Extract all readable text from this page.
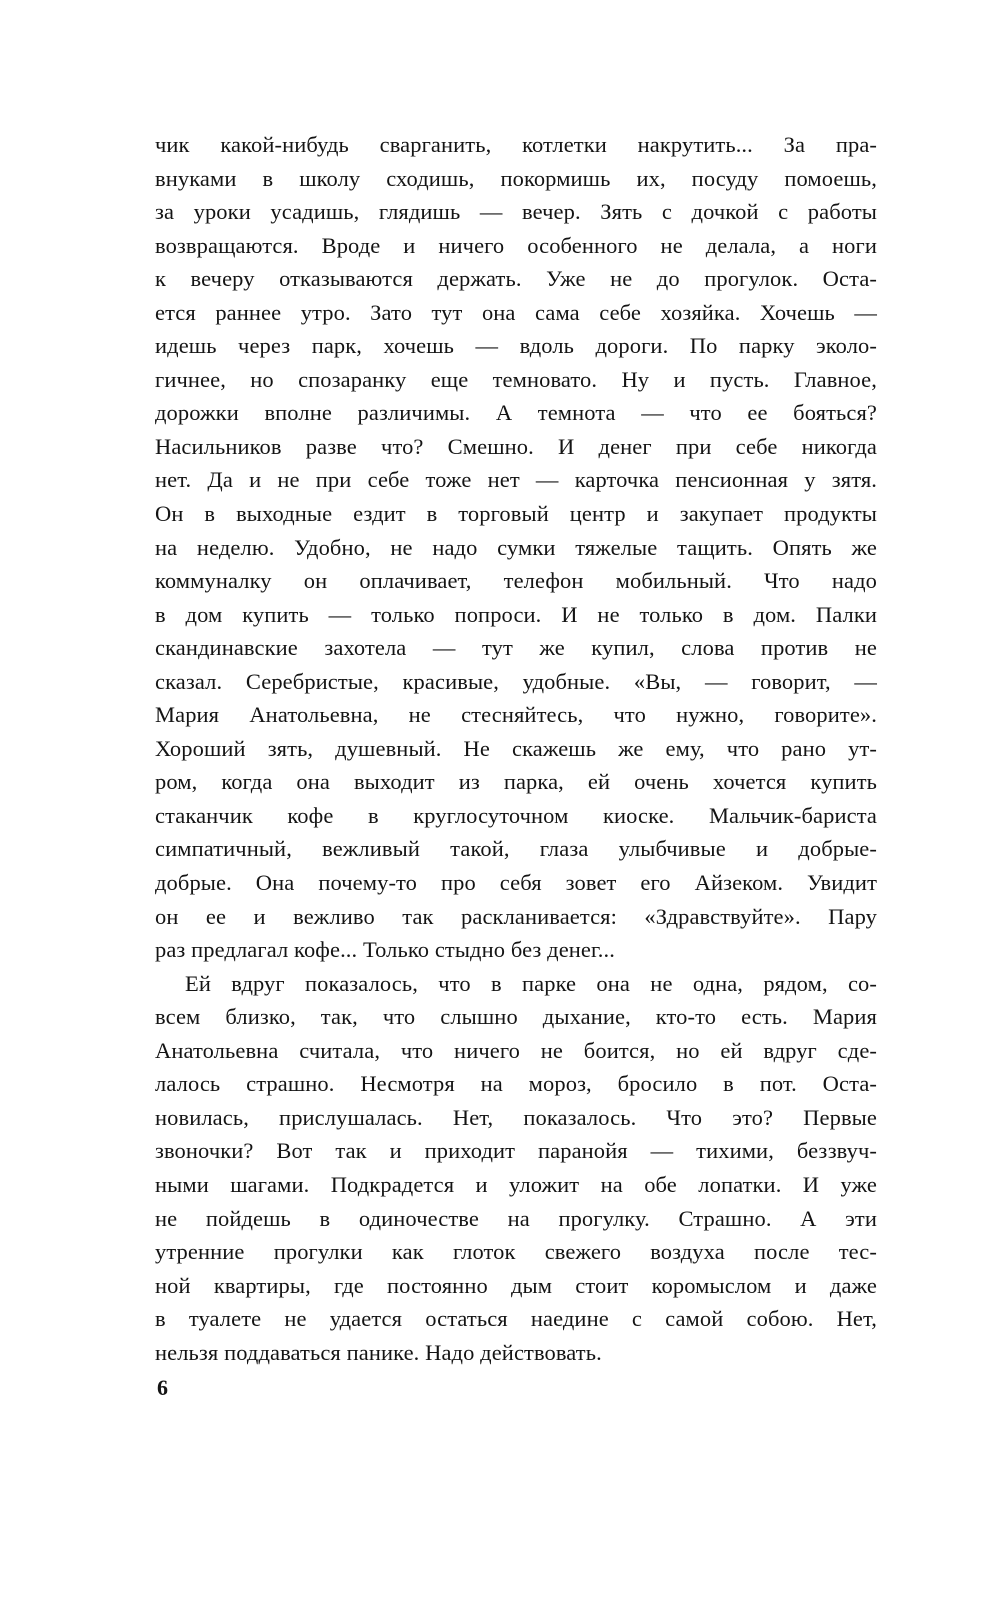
чик какой-нибудь сварганить, котлетки накрутить... За пра-
внуками в школу сходишь, покормишь их, посуду помоешь,
за уроки усадишь, глядишь — вечер. Зять с дочкой с работы
возвращаются. Вроде и ничего особенного не делала, а ноги
к вечеру отказываются держать. Уже не до прогулок. Оста-
ется раннее утро. Зато тут она сама себе хозяйка. Хочешь —
идешь через парк, хочешь — вдоль дороги. По парку эколо-
гичнее, но спозаранку еще темновато. Ну и пусть. Главное,
дорожки вполне различимы. А темнота — что ее бояться?
Насильников разве что? Смешно. И денег при себе никогда
нет. Да и не при себе тоже нет — карточка пенсионная у зятя.
Он в выходные ездит в торговый центр и закупает продукты
на неделю. Удобно, не надо сумки тяжелые тащить. Опять же
коммуналку он оплачивает, телефон мобильный. Что надо
в дом купить — только попроси. И не только в дом. Палки
скандинавские захотела — тут же купил, слова против не
сказал. Серебристые, красивые, удобные. «Вы, — говорит, —
Мария Анатольевна, не стесняйтесь, что нужно, говорите».
Хороший зять, душевный. Не скажешь же ему, что рано ут-
ром, когда она выходит из парка, ей очень хочется купить
стаканчик кофе в круглосуточном киоске. Мальчик-бариста
симпатичный, вежливый такой, глаза улыбчивые и добрые-
добрые. Она почему-то про себя зовет его Айзеком. Увидит
он ее и вежливо так раскланивается: «Здравствуйте». Пару
раз предлагал кофе... Только стыдно без денег...
Ей вдруг показалось, что в парке она не одна, рядом, со-
всем близко, так, что слышно дыхание, кто-то есть. Мария
Анатольевна считала, что ничего не боится, но ей вдруг сде-
лалось страшно. Несмотря на мороз, бросило в пот. Оста-
новилась, прислушалась. Нет, показалось. Что это? Первые
звоночки? Вот так и приходит паранойя — тихими, беззвуч-
ными шагами. Подкрадется и уложит на обе лопатки. И уже
не пойдешь в одиночестве на прогулку. Страшно. А эти
утренние прогулки как глоток свежего воздуха после тес-
ной квартиры, где постоянно дым стоит коромыслом и даже
в туалете не удается остаться наедине с самой собою. Нет,
нельзя поддаваться панике. Надо действовать.
6
